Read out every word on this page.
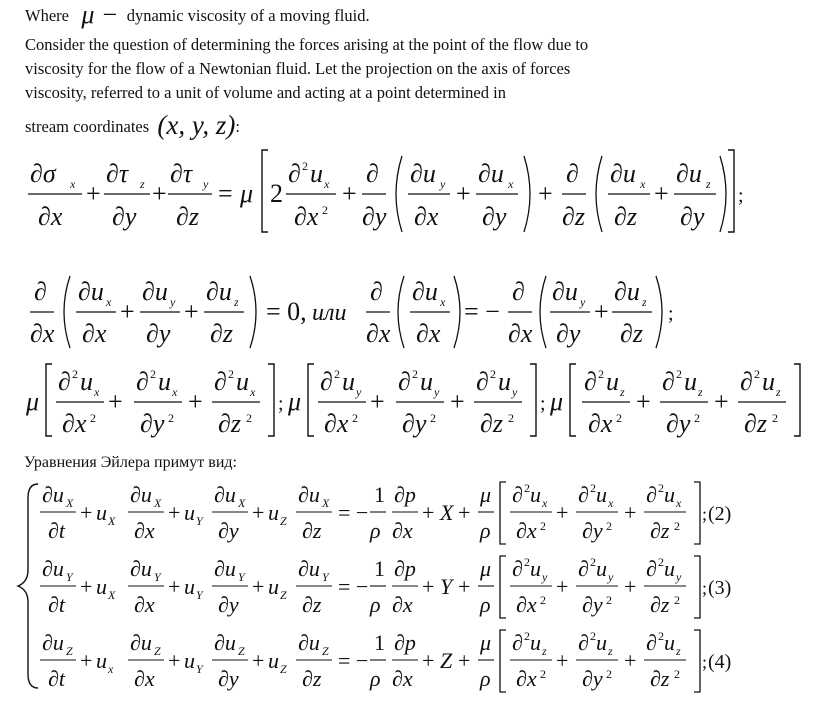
Where μ − dynamic viscosity of a moving fluid.
Consider the question of determining the forces arising at the point of the flow due to
viscosity for the flow of a Newtonian fluid. Let the projection on the axis of forces
viscosity, referred to a unit of volume and acting at a point determined in
stream coordinates (x, y, z):
∂σ x
∂x
+
∂τ z
∂y
+
∂τ y
∂z
= μ 2
∂ 2 u x
∂x 2
+
∂
∂y
∂u y
∂x
+
∂u x
∂y
+
∂
∂z
∂u x
∂z
+
∂u z
∂y
;
∂
∂x
∂u x
∂x
+
∂u y
∂y
+
∂u z
∂z
= 0, или
∂
∂x
∂u x
∂x
= −
∂
∂x
∂u y
∂y
+
∂u z
∂z
;
μ
∂ 2 u x
∂x 2
+
∂ 2 u x
∂y 2
+
∂ 2 u x
∂z 2
; μ
∂ 2 u y
∂x 2
+
∂ 2 u y
∂y 2
+
∂ 2 u y
∂z 2
; μ
∂ 2 u z
∂x 2
+
∂ 2 u z
∂y 2
+
∂ 2 u z
∂z 2
Уравнения Эйлера примут вид:
∂u X
∂t
+ u X
∂u X
∂x
+ u Y
∂u X
∂y
+ u Z
∂u X
∂z
= −
1
ρ
∂p
∂x
+ X +
μ
ρ
∂ 2 u x
∂x 2
+
∂ 2 u x
∂y 2
+
∂ 2 u x
∂z 2
; (2)
∂u Y
∂t
+ u X
∂u Y
∂x
+ u Y
∂u Y
∂y
+ u Z
∂u Y
∂z
= −
1
ρ
∂p
∂x
+ Y +
μ
ρ
∂ 2 u y
∂x 2
+
∂ 2 u y
∂y 2
+
∂ 2 u y
∂z 2
; (3)
∂u Z
∂t
+ u x
∂u Z
∂x
+ u Y
∂u Z
∂y
+ u Z
∂u Z
∂z
= −
1
ρ
∂p
∂x
+ Z +
μ
ρ
∂ 2 u z
∂x 2
+
∂ 2 u z
∂y 2
+
∂ 2 u z
∂z 2
; (4)
